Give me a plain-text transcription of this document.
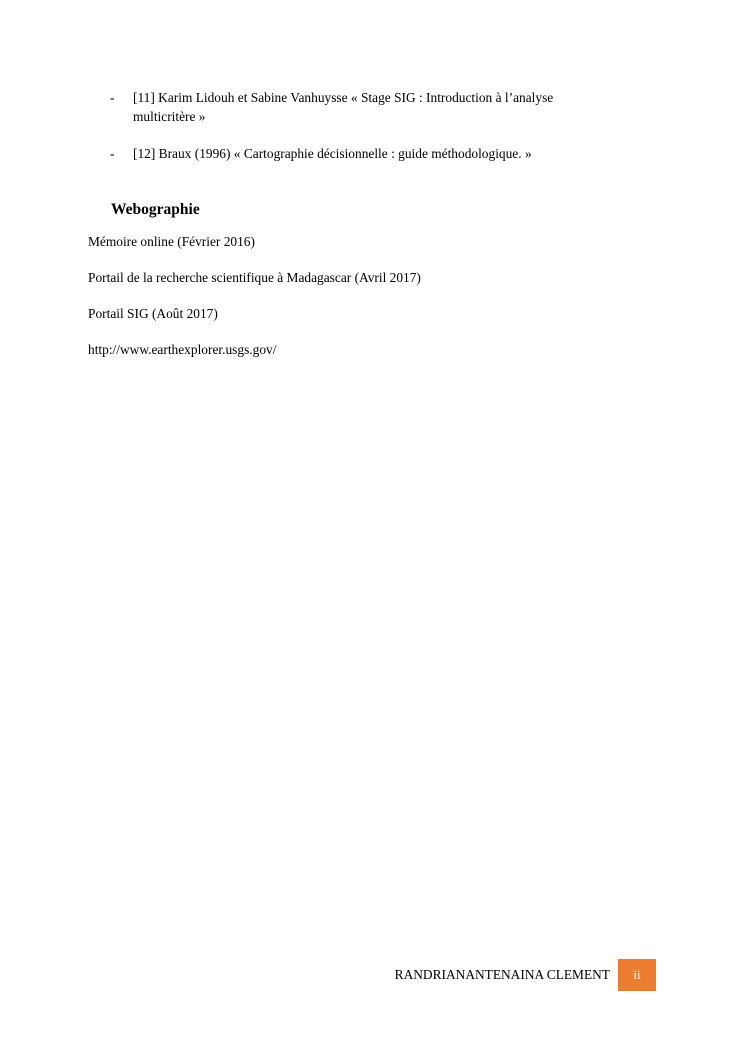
- [11] Karim Lidouh et Sabine Vanhuysse « Stage SIG : Introduction à l’analyse
multicritère »
- [12] Braux (1996) « Cartographie décisionnelle : guide méthodologique. »
Webographie
Mémoire online (Février 2016)
Portail de la recherche scientifique à Madagascar (Avril 2017)
Portail SIG (Août 2017)
http://www.earthexplorer.usgs.gov/
RANDRIANANTENAINA CLEMENT	ii
